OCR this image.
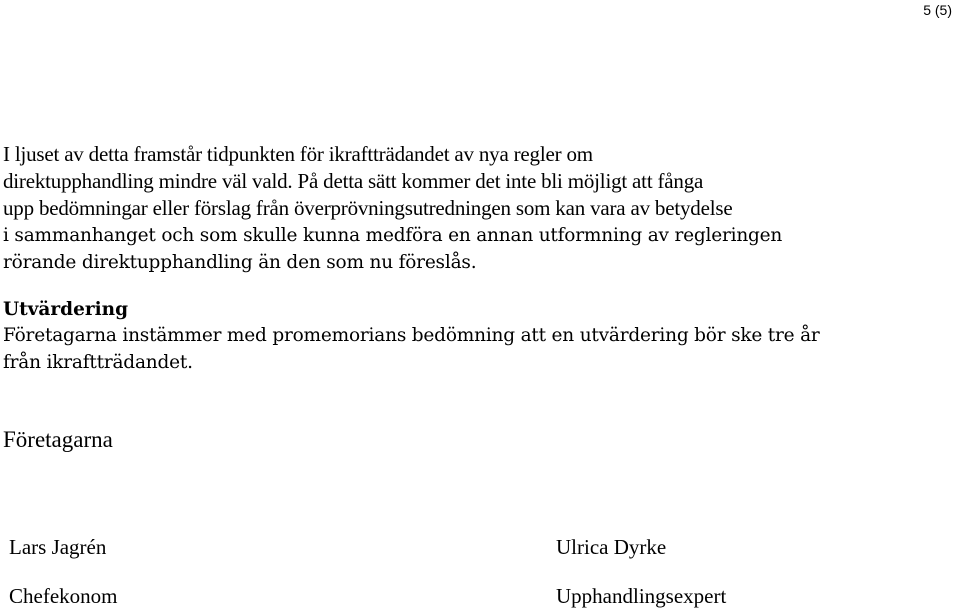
5 (5)
I ljuset av detta framstår tidpunkten för ikraftträdandet av nya regler om
direktupphandling mindre väl vald. På detta sätt kommer det inte bli möjligt att fånga
upp bedömningar eller förslag från överprövningsutredningen som kan vara av betydelse
i sammanhanget och som skulle kunna medföra en annan utformning av regleringen
rörande direktupphandling än den som nu föreslås.
Utvärdering
Företagarna instämmer med promemorians bedömning att en utvärdering bör ske tre år
från ikraftträdandet.
Företagarna
Lars Jagrén
Chefekonom
Ulrica Dyrke
Upphandlingsexpert
